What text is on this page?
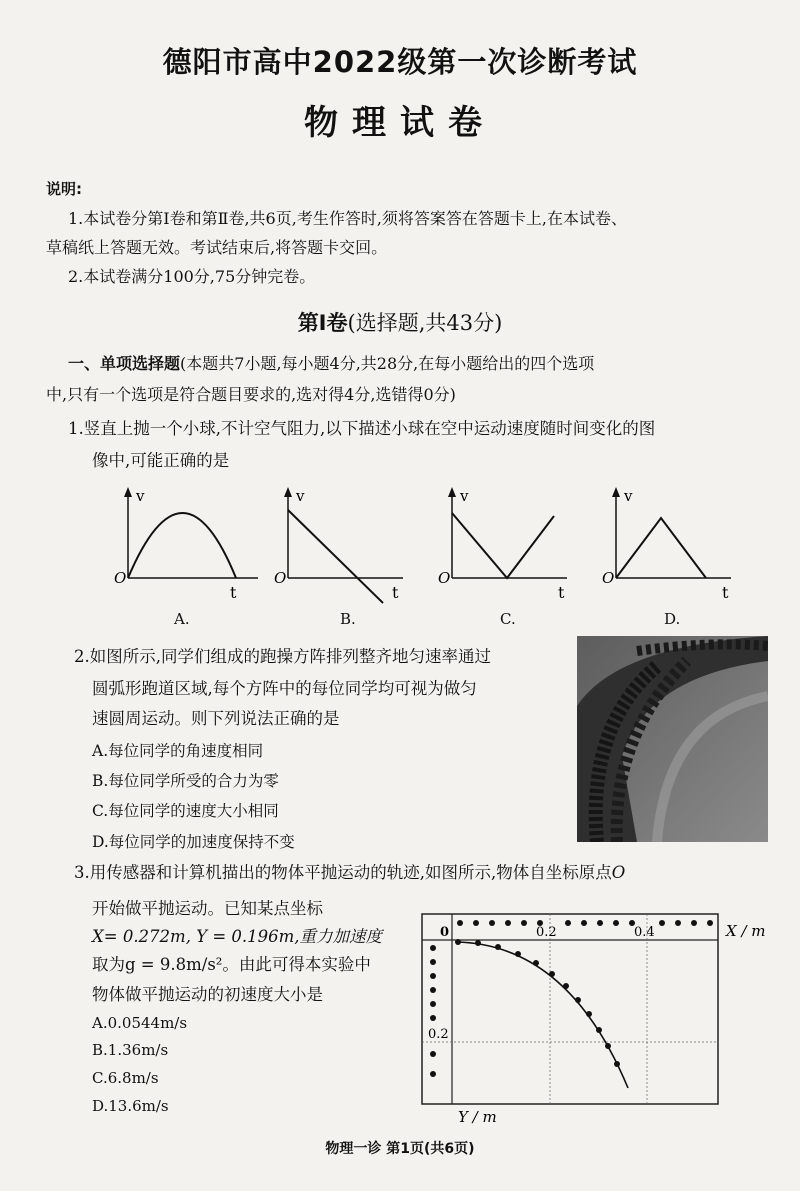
德阳市高中2022级第一次诊断考试
物理试卷
说明:
1.本试卷分第Ⅰ卷和第Ⅱ卷,共6页,考生作答时,须将答案答在答题卡上,在本试卷、
草稿纸上答题无效。考试结束后,将答题卡交回。
2.本试卷满分100分,75分钟完卷。
第Ⅰ卷(选择题,共43分)
一、单项选择题(本题共7小题,每小题4分,共28分,在每小题给出的四个选项
中,只有一个选项是符合题目要求的,选对得4分,选错得0分)
1.竖直上抛一个小球,不计空气阻力,以下描述小球在空中运动速度随时间变化的图
像中,可能正确的是
v
O
t
v
O
t
v
O
t
v
O
t
A.	B.	C.	D.
2.如图所示,同学们组成的跑操方阵排列整齐地匀速率通过
圆弧形跑道区域,每个方阵中的每位同学均可视为做匀
速圆周运动。则下列说法正确的是
A.每位同学的角速度相同
B.每位同学所受的合力为零
C.每位同学的速度大小相同
D.每位同学的加速度保持不变
3.用传感器和计算机描出的物体平抛运动的轨迹,如图所示,物体自坐标原点O
开始做平抛运动。已知某点坐标
X= 0.272m, Y = 0.196m,重力加速度
取为g = 9.8m/s²。由此可得本实验中
物体做平抛运动的初速度大小是
A.0.0544m/s
B.1.36m/s
C.6.8m/s
D.13.6m/s
0	0.2	0.4
0.2
X / m
Y / m
物理一诊 第1页(共6页)
